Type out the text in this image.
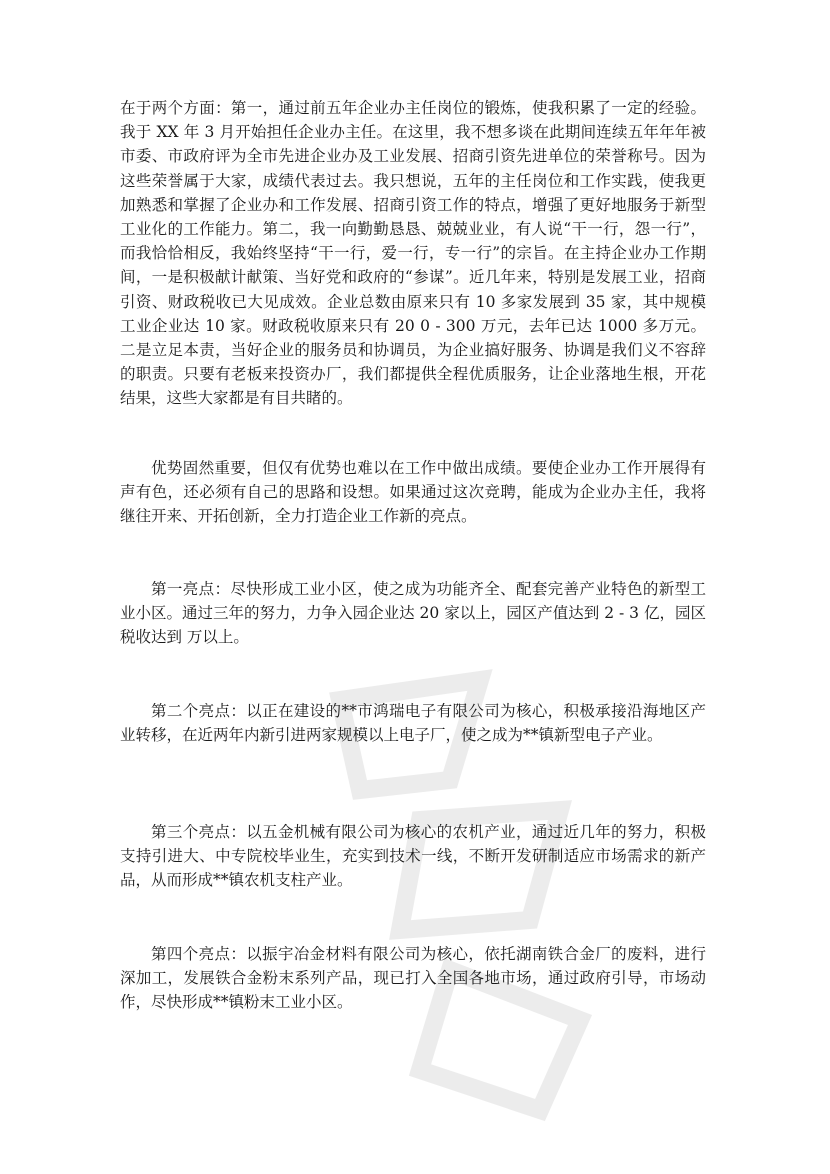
在于两个方面：第一，通过前五年企业办主任岗位的锻炼，使我积累了一定的经验。我于 XX 年 3 月开始担任企业办主任。在这里，我不想多谈在此期间连续五年年年被市委、市政府评为全市先进企业办及工业发展、招商引资先进单位的荣誉称号。因为这些荣誉属于大家，成绩代表过去。我只想说，五年的主任岗位和工作实践，使我更加熟悉和掌握了企业办和工作发展、招商引资工作的特点，增强了更好地服务于新型工业化的工作能力。第二，我一向勤勤恳恳、兢兢业业，有人说“干一行，怨一行”，而我恰恰相反，我始终坚持“干一行，爱一行，专一行”的宗旨。在主持企业办工作期间，一是积极献计献策、当好党和政府的“参谋”。近几年来，特别是发展工业，招商引资、财政税收已大见成效。企业总数由原来只有 10 多家发展到 35 家，其中规模工业企业达 10 家。财政税收原来只有 20 0 - 300 万元，去年已达 1000 多万元。二是立足本责，当好企业的服务员和协调员，为企业搞好服务、协调是我们义不容辞的职责。只要有老板来投资办厂，我们都提供全程优质服务，让企业落地生根，开花结果，这些大家都是有目共睹的。

优势固然重要，但仅有优势也难以在工作中做出成绩。要使企业办工作开展得有声有色，还必须有自己的思路和设想。如果通过这次竞聘，能成为企业办主任，我将继往开来、开拓创新，全力打造企业工作新的亮点。

第一亮点：尽快形成工业小区，使之成为功能齐全、配套完善产业特色的新型工业小区。通过三年的努力，力争入园企业达 20 家以上，园区产值达到 2 - 3 亿，园区税收达到 万以上。

第二个亮点：以正在建设的**市鸿瑞电子有限公司为核心，积极承接沿海地区产业转移，在近两年内新引进两家规模以上电子厂，使之成为**镇新型电子产业。

第三个亮点：以五金机械有限公司为核心的农机产业，通过近几年的努力，积极支持引进大、中专院校毕业生，充实到技术一线，不断开发研制适应市场需求的新产品，从而形成**镇农机支柱产业。

第四个亮点：以振宇冶金材料有限公司为核心，依托湖南铁合金厂的废料，进行深加工，发展铁合金粉末系列产品，现已打入全国各地市场，通过政府引导，市场动作，尽快形成**镇粉末工业小区。
